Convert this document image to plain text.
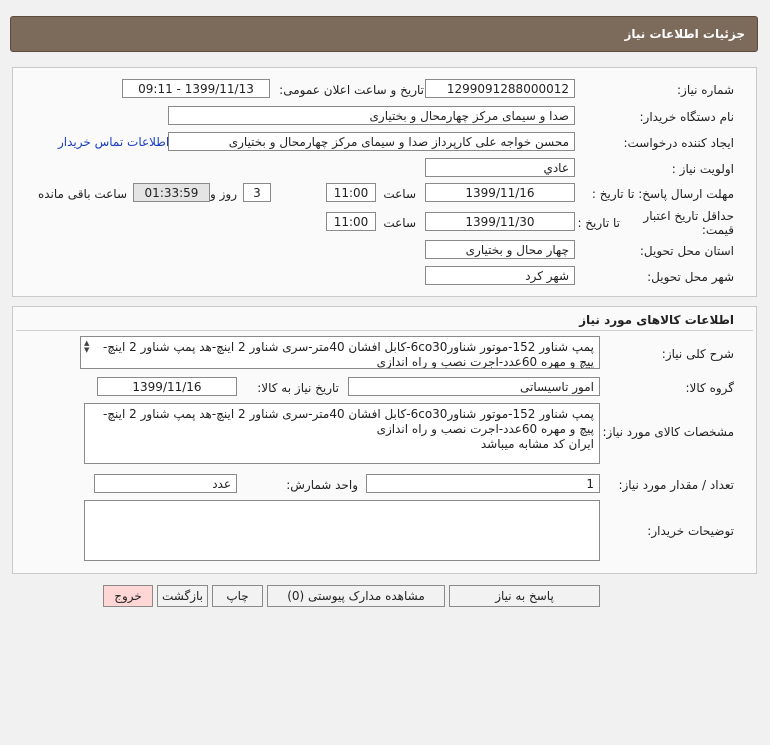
جزئیات اطلاعات نیاز
شماره نیاز:
1299091288000012
تاریخ و ساعت اعلان عمومی:
1399/11/13 - 09:11
نام دستگاه خریدار:
صدا و سیمای مرکز چهارمحال و بختیاری
ایجاد کننده درخواست:
محسن خواجه علی کارپرداز صدا و سیمای مرکز چهارمحال و بختیاری
اطلاعات تماس خریدار
اولویت نیاز :
عادي
مهلت ارسال پاسخ: تا تاریخ :
1399/11/16
ساعت
11:00
3
روز و
01:33:59
ساعت باقی مانده
حداقل تاریخ اعتبار قیمت:
تا تاریخ :
1399/11/30
ساعت
11:00
استان محل تحویل:
چهار محال و بختیاری
شهر محل تحویل:
شهر کرد
اطلاعات کالاهای مورد نیاز
شرح کلی نیاز:
▲
▼ پمپ شناور 152-موتور شناور6co30-کابل افشان 40متر-سری شناور 2 اینچ-هد پمپ شناور 2 اینچ-پیچ و مهره 60عدد-اجرت نصب و راه اندازی
گروه کالا:
امور تاسیساتی
تاریخ نیاز به کالا:
1399/11/16
مشخصات کالای مورد نیاز:
پمپ شناور 152-موتور شناور6co30-کابل افشان 40متر-سری شناور 2 اینچ-هد پمپ شناور 2 اینچ-پیچ و مهره 60عدد-اجرت نصب و راه اندازی
ایران کد مشابه میباشد
تعداد / مقدار مورد نیاز:
1
واحد شمارش:
عدد
توضیحات خریدار:
پاسخ به نیاز
مشاهده مدارک پیوستی (0)
چاپ
بازگشت
خروج
